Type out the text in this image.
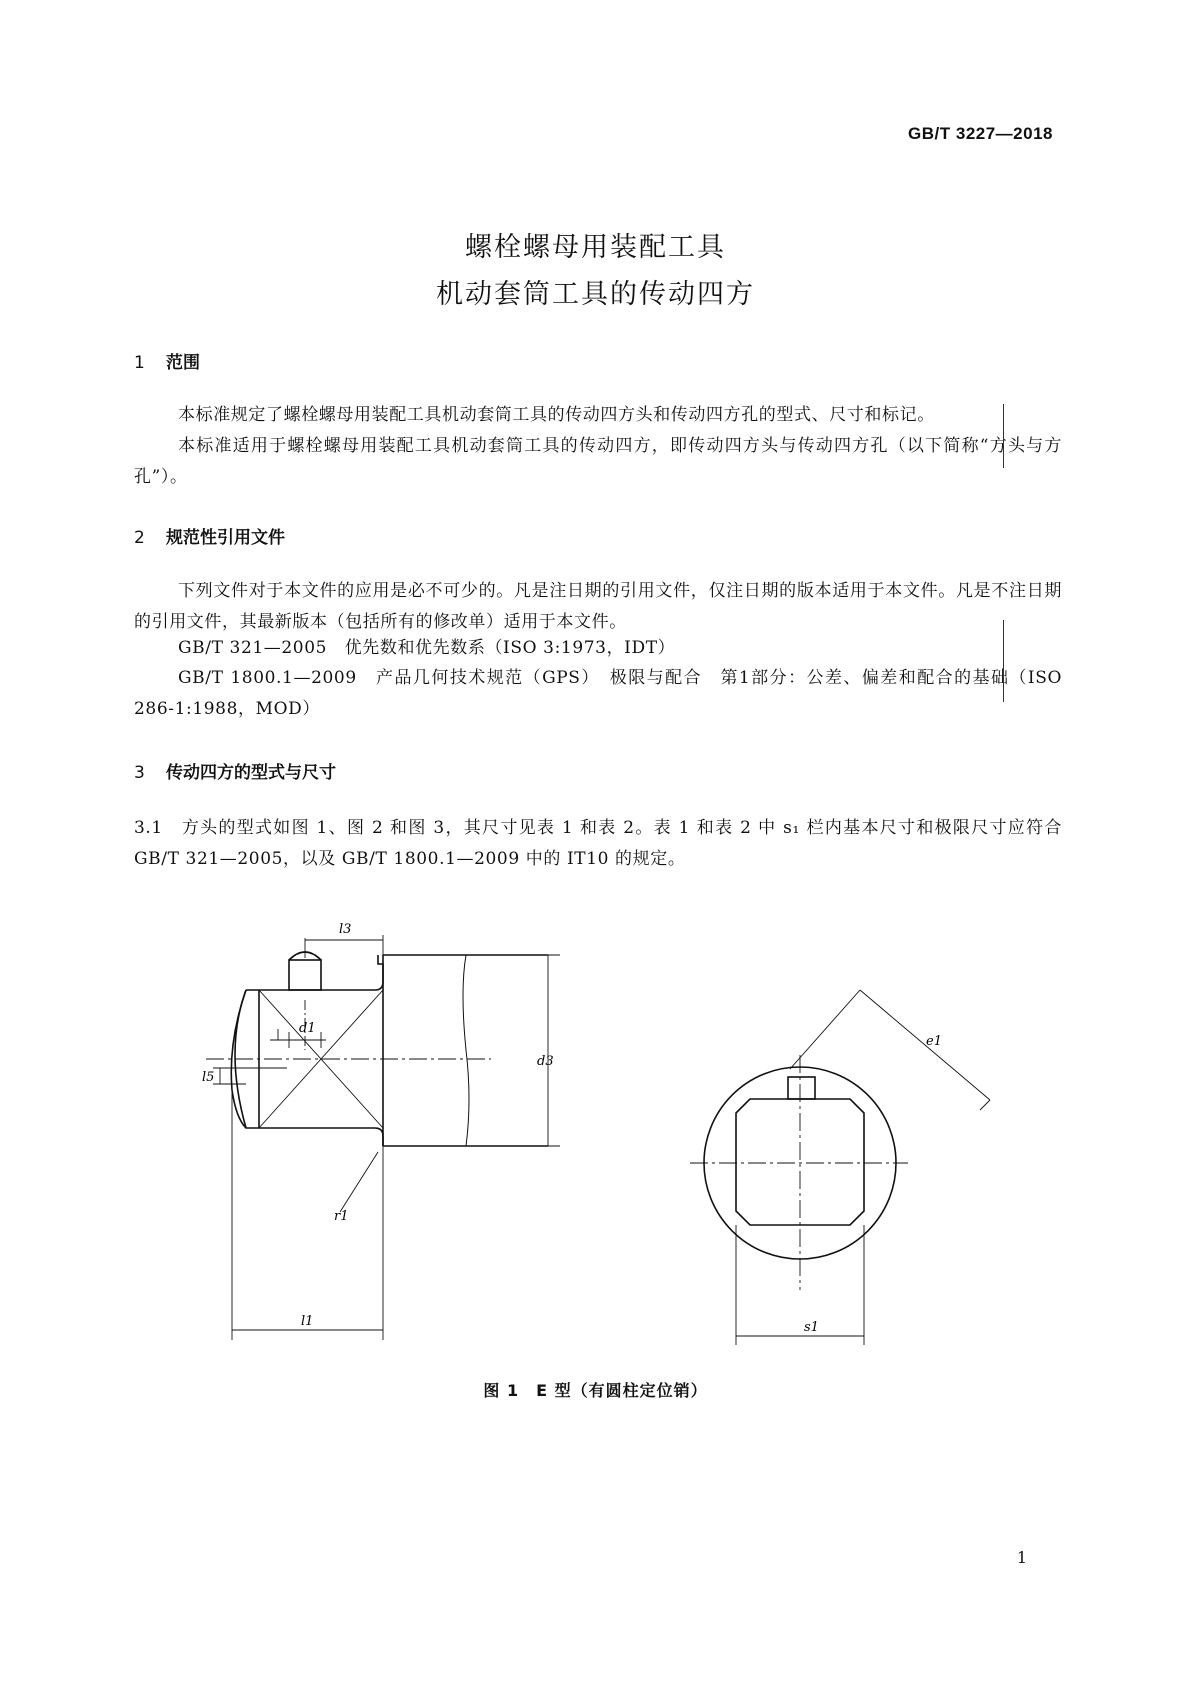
GB/T 3227—2018
螺栓螺母用装配工具
机动套筒工具的传动四方
1 范围
本标准规定了螺栓螺母用装配工具机动套筒工具的传动四方头和传动四方孔的型式、尺寸和标记。
本标准适用于螺栓螺母用装配工具机动套筒工具的传动四方，即传动四方头与传动四方孔（以下简称“方头与方孔”）。
2 规范性引用文件
下列文件对于本文件的应用是必不可少的。凡是注日期的引用文件，仅注日期的版本适用于本文件。凡是不注日期的引用文件，其最新版本（包括所有的修改单）适用于本文件。
GB/T 321—2005　优先数和优先数系（ISO 3:1973，IDT）
GB/T 1800.1—2009　产品几何技术规范（GPS）　极限与配合　第1部分：公差、偏差和配合的基础（ISO 286-1:1988，MOD）
3 传动四方的型式与尺寸
3.1　方头的型式如图 1、图 2 和图 3，其尺寸见表 1 和表 2。表 1 和表 2 中 s₁ 栏内基本尺寸和极限尺寸应符合 GB/T 321—2005，以及 GB/T 1800.1—2009 中的 IT10 的规定。
l3
d1
l5
d3
r1
l1
e1
s1
图 1　E 型（有圆柱定位销）
1
